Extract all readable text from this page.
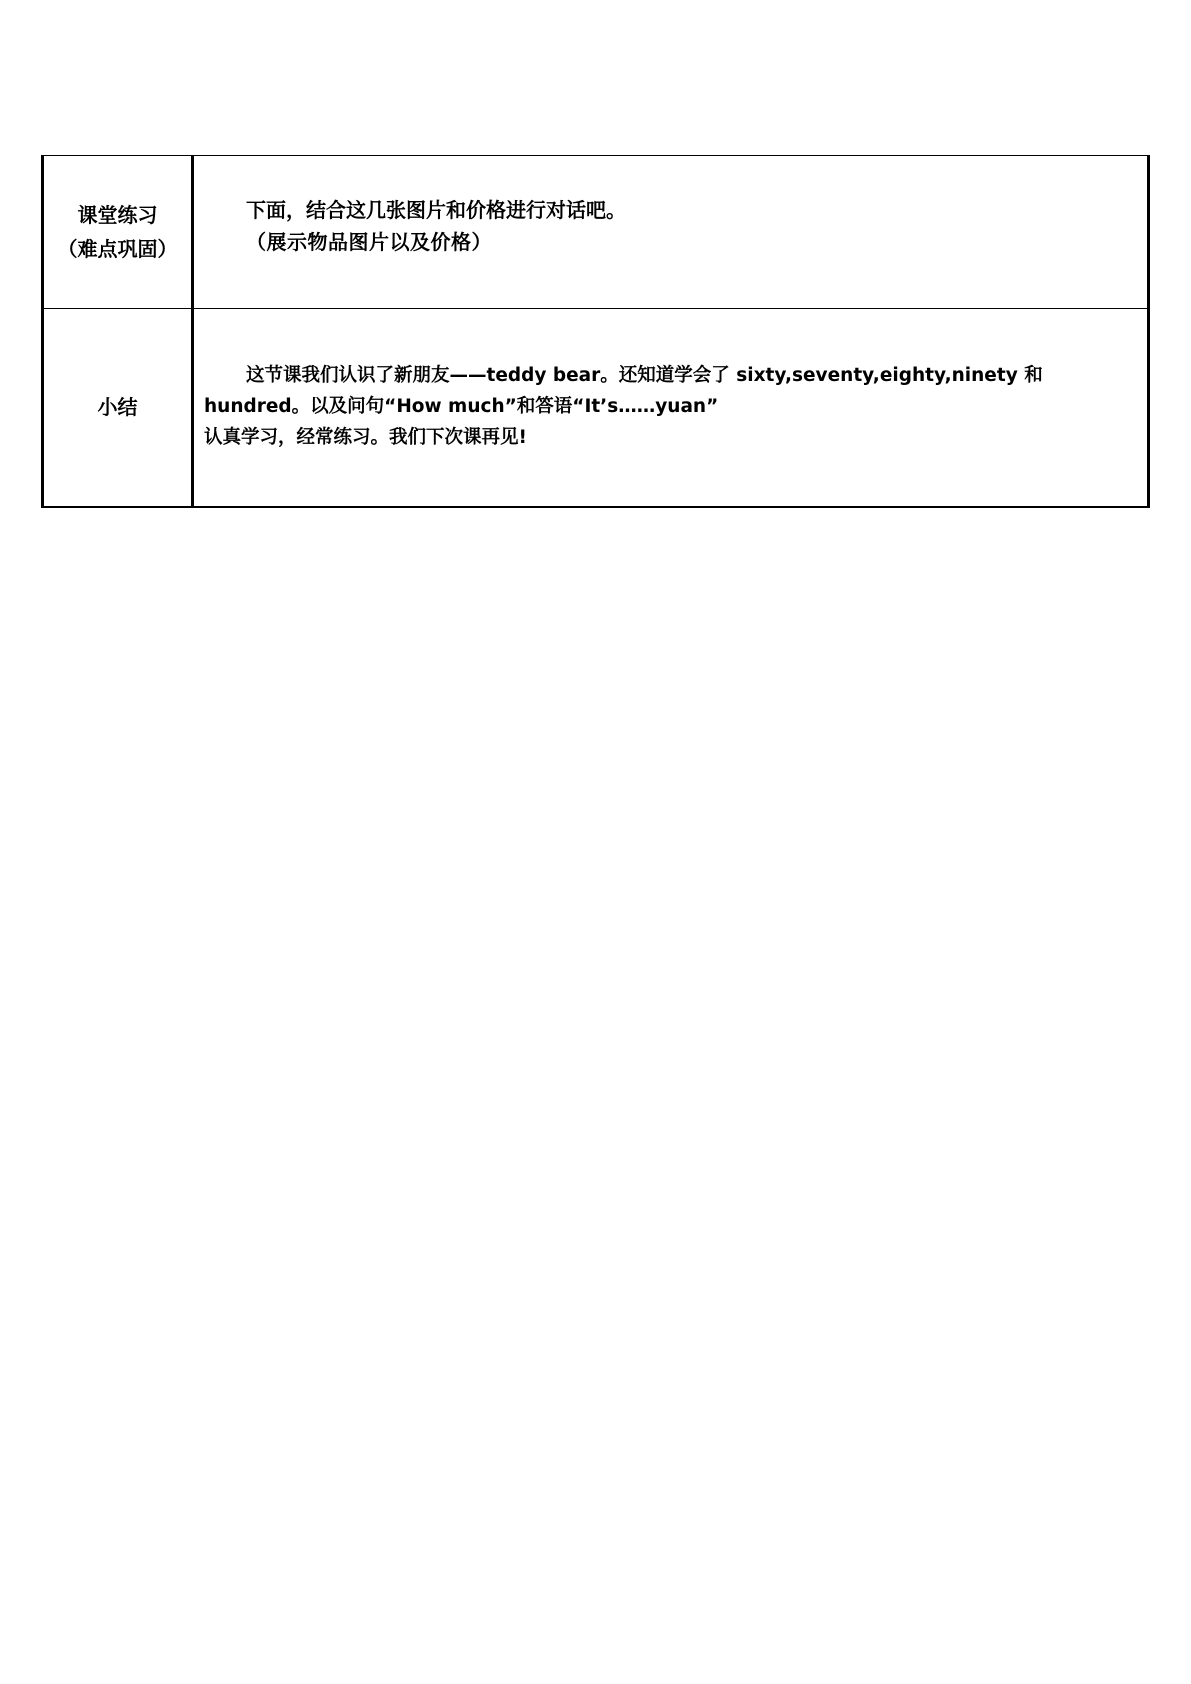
课堂练习
（难点巩固）	下面，结合这几张图片和价格进行对话吧。
（展示物品图片以及价格）

小结	这节课我们认识了新朋友——teddy bear。还知道学会了 sixty,seventy,eighty,ninety 和 hundred。以及问句“How much”和答语“It’s……yuan”
认真学习，经常练习。我们下次课再见!
